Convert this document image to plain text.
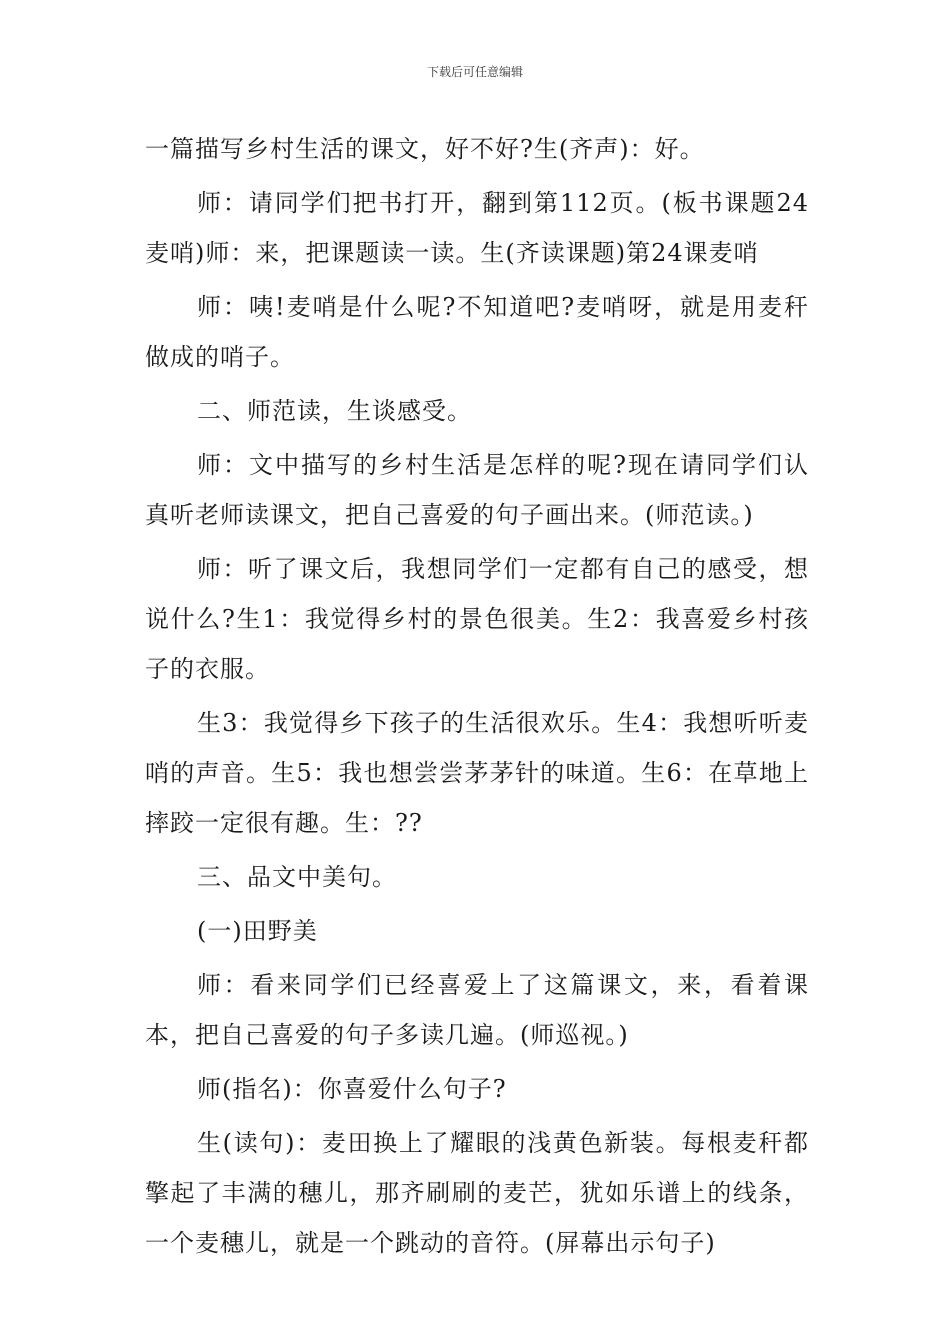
下载后可任意编辑

一篇描写乡村生活的课文，好不好?生(齐声)：好。

师：请同学们把书打开，翻到第112页。(板书课题24麦哨)师：来，把课题读一读。生(齐读课题)第24课麦哨

师：咦!麦哨是什么呢?不知道吧?麦哨呀，就是用麦秆做成的哨子。

二、师范读，生谈感受。

师：文中描写的乡村生活是怎样的呢?现在请同学们认真听老师读课文，把自己喜爱的句子画出来。(师范读。)

师：听了课文后，我想同学们一定都有自己的感受，想说什么?生1：我觉得乡村的景色很美。生2：我喜爱乡村孩子的衣服。

生3：我觉得乡下孩子的生活很欢乐。生4：我想听听麦哨的声音。生5：我也想尝尝茅茅针的味道。生6：在草地上摔跤一定很有趣。生：??

三、品文中美句。

(一)田野美

师：看来同学们已经喜爱上了这篇课文，来，看着课本，把自己喜爱的句子多读几遍。(师巡视。)

师(指名)：你喜爱什么句子?

生(读句)：麦田换上了耀眼的浅黄色新装。每根麦秆都擎起了丰满的穗儿，那齐刷刷的麦芒，犹如乐谱上的线条，一个麦穗儿，就是一个跳动的音符。(屏幕出示句子)
